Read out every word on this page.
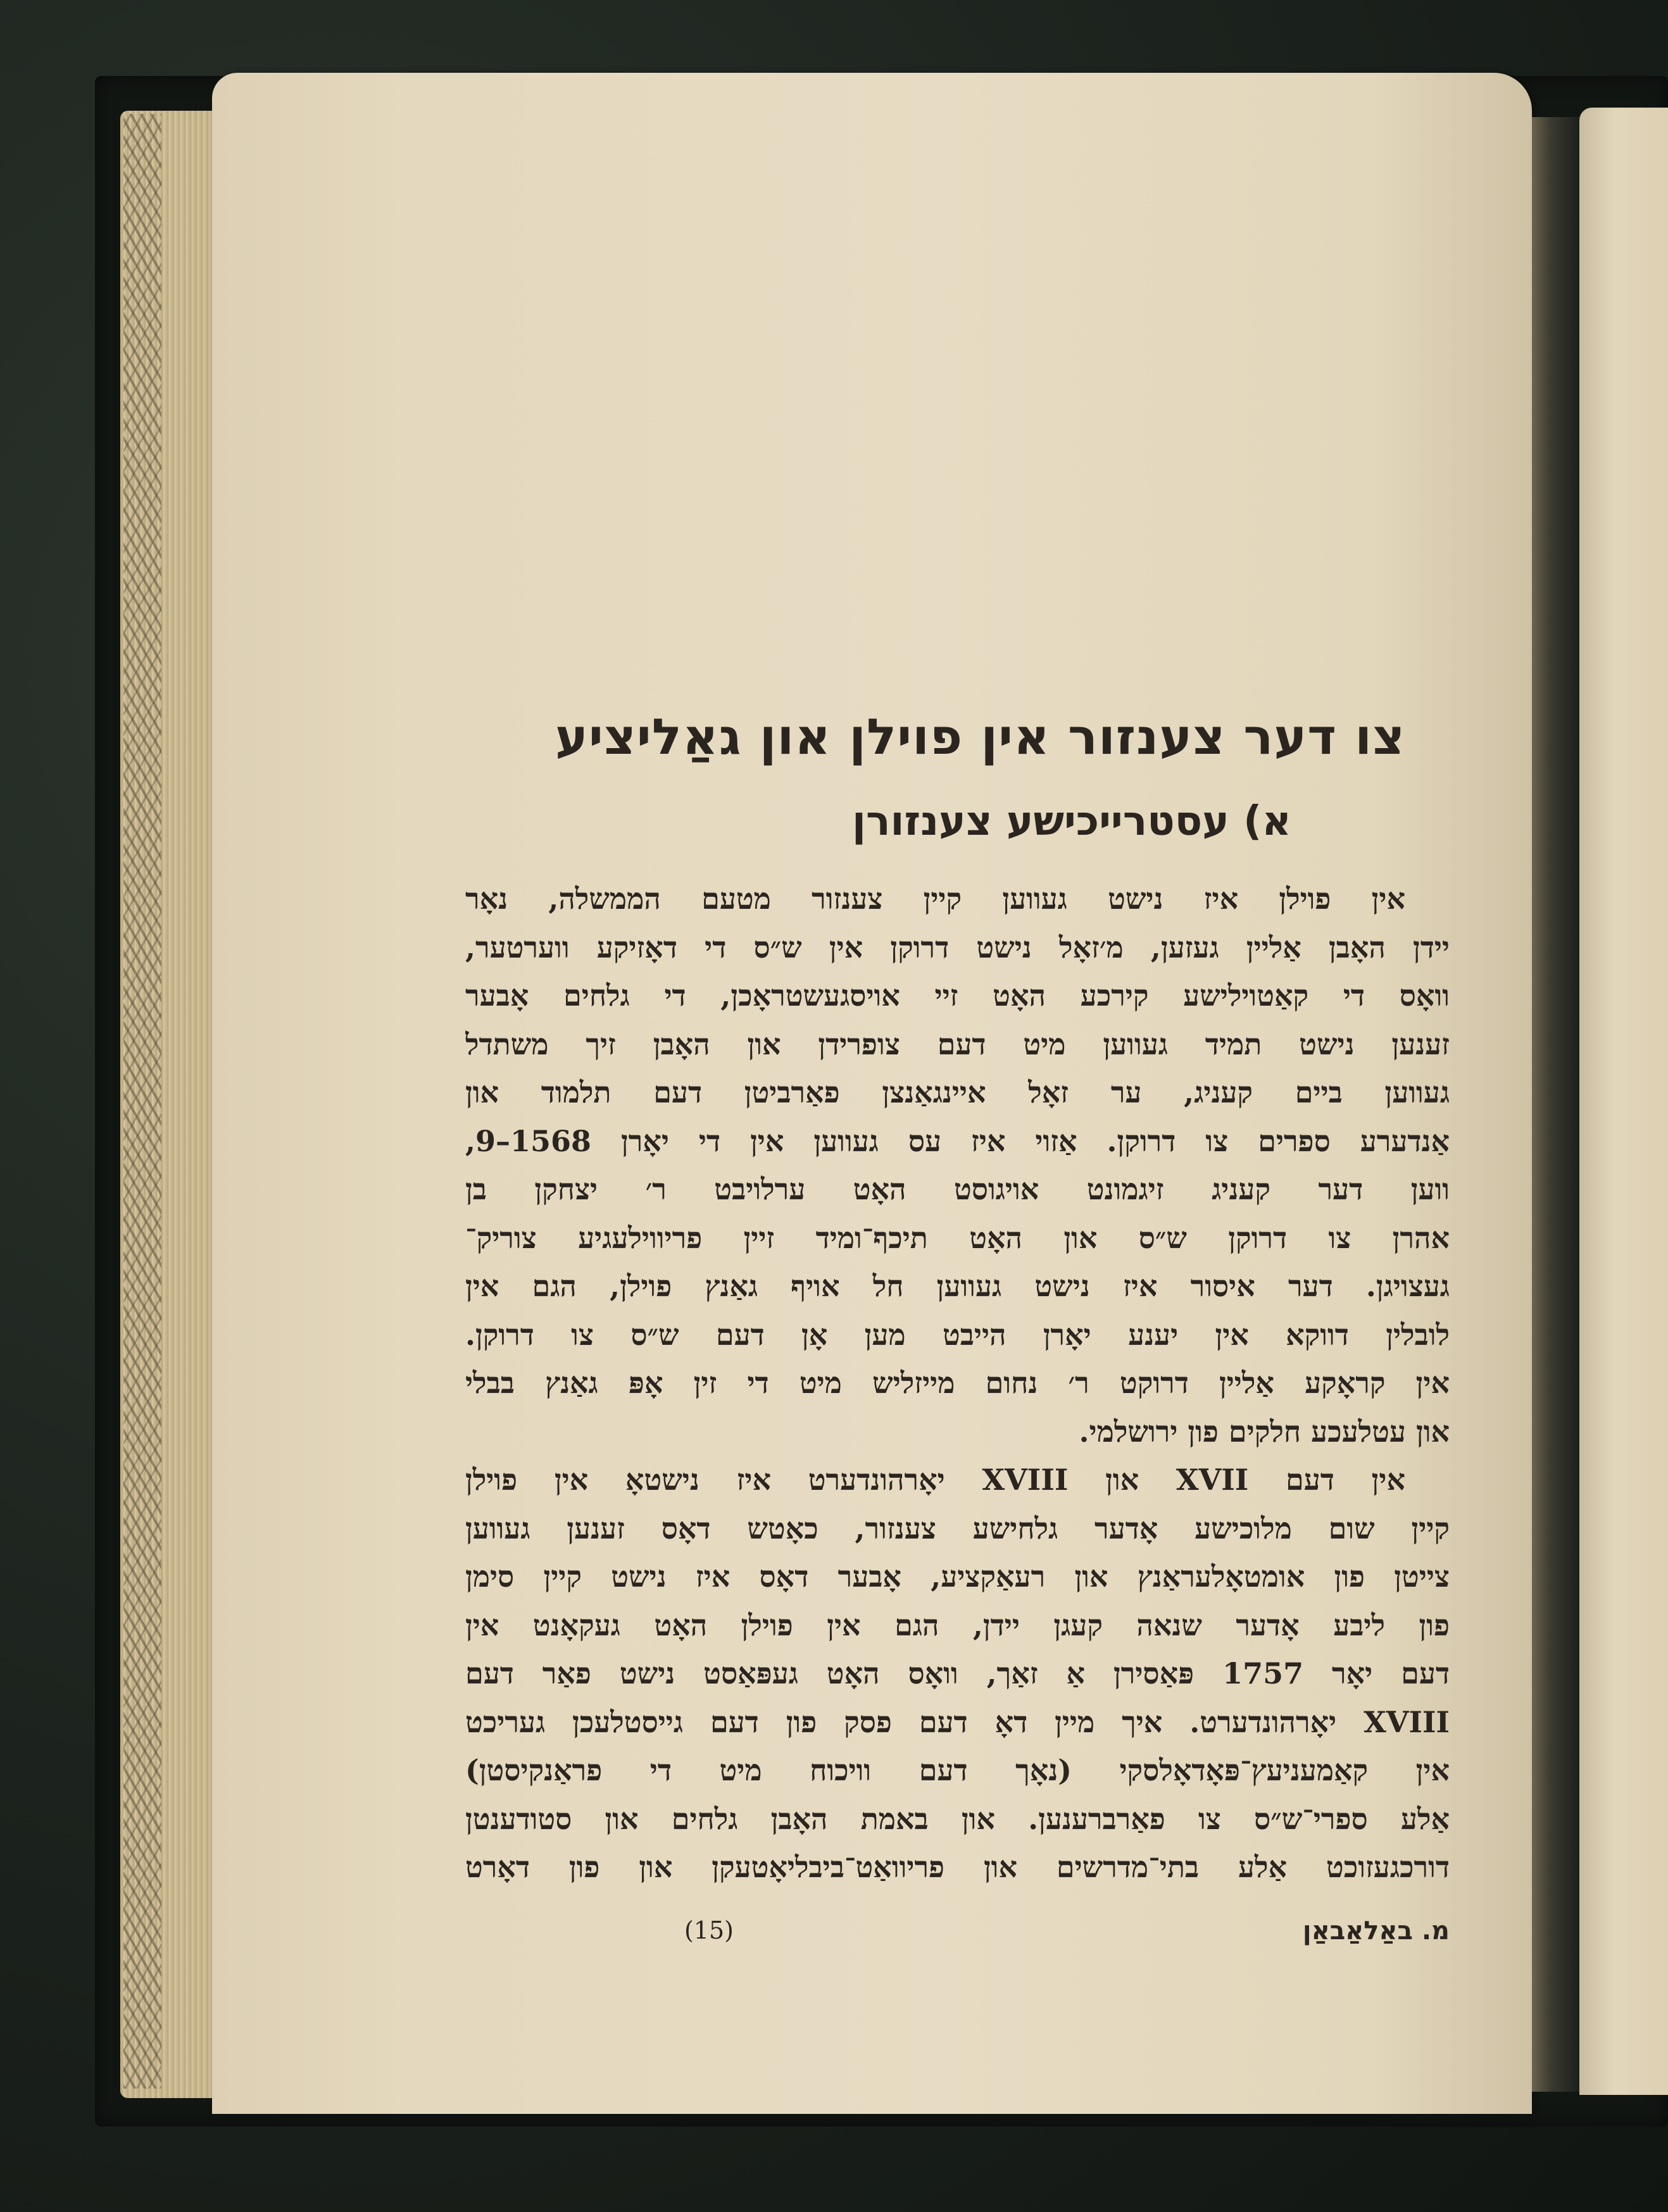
צו דער צענזור אין פוילן און גאַליציע
א) עסטרייכישע צענזורן
אין פוילן איז נישט געווען קיין צענזור מטעם הממשלה, נאָר
יידן האָבן אַליין געזען, מ׳זאָל נישט דרוקן אין ש״ס די דאָזיקע ווערטער,
וואָס די קאַטוילישע קירכע האָט זיי אויסגעשטראָכן, די גלחים אָבער
זענען נישט תמיד געווען מיט דעם צופרידן און האָבן זיך משתדל
געווען ביים קעניג, ער זאָל איינגאַנצן פאַרביטן דעם תלמוד און
אַנדערע ספרים צו דרוקן. אַזוי איז עס געווען אין די יאָרן 1568–9,
ווען דער קעניג זיגמונט אויגוסט האָט ערלויבט ר׳ יצחקן בן
אהרן צו דרוקן ש״ס און האָט תיכף־ומיד זיין פריווילעגיע צוריק־
געצויגן. דער איסור איז נישט געווען חל אויף גאַנץ פוילן, הגם אין
לובלין דווקא אין יענע יאָרן הייבט מען אָן דעם ש״ס צו דרוקן.
אין קראָקע אַליין דרוקט ר׳ נחום מייזליש מיט די זין אָפּ גאַנץ בבלי
און עטלעכע חלקים פון ירושלמי.
אין דעם XVII און XVIII יאָרהונדערט איז נישטאָ אין פוילן
קיין שום מלוכישע אָדער גלחישע צענזור, כאָטש דאָס זענען געווען
צייטן פון אומטאָלעראַנץ און רעאַקציע, אָבער דאָס איז נישט קיין סימן
פון ליבע אָדער שנאה קעגן יידן, הגם אין פוילן האָט געקאָנט אין
דעם יאָר 1757 פּאַסירן אַ זאַך, וואָס האָט געפּאַסט נישט פאַר דעם
XVIII יאָרהונדערט. איך מיין דאָ דעם פסק פון דעם גייסטלעכן געריכט
אין קאַמעניעץ־פּאָדאָלסקי (נאָך דעם וויכוח מיט די פראַנקיסטן)
אַלע ספרי־ש״ס צו פאַרברענען. און באמת האָבן גלחים און סטודענטן
דורכגעזוכט אַלע בתי־מדרשים און פריוואַט־ביבליאָטעקן און פון דאָרט
מ. באַלאַבאַן
(15)
